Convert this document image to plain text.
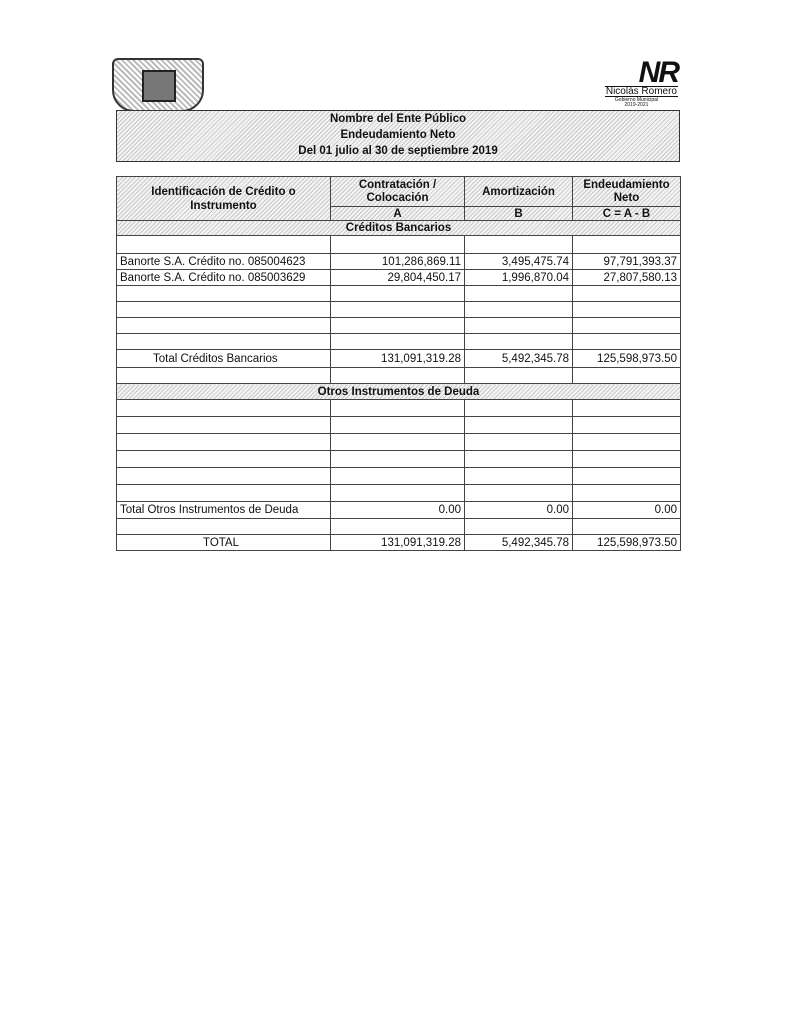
NR
Nicolás Romero
Gobierno Municipal
2019-2021
Nombre del Ente Público
Endeudamiento Neto
Del 01 julio al 30 de septiembre 2019
Identificación de Crédito o Instrumento	Contratación / Colocación	Amortización	Endeudamiento Neto
	A	B	C = A - B
Créditos Bancarios			

Banorte S.A. Crédito no. 085004623	101,286,869.11	3,495,475.74	97,791,393.37
Banorte S.A. Crédito no. 085003629	29,804,450.17	1,996,870.04	27,807,580.13

Total Créditos Bancarios	131,091,319.28	5,492,345.78	125,598,973.50

Otros Instrumentos de Deuda			

Total Otros Instrumentos de Deuda	0.00	0.00	0.00

TOTAL	131,091,319.28	5,492,345.78	125,598,973.50
